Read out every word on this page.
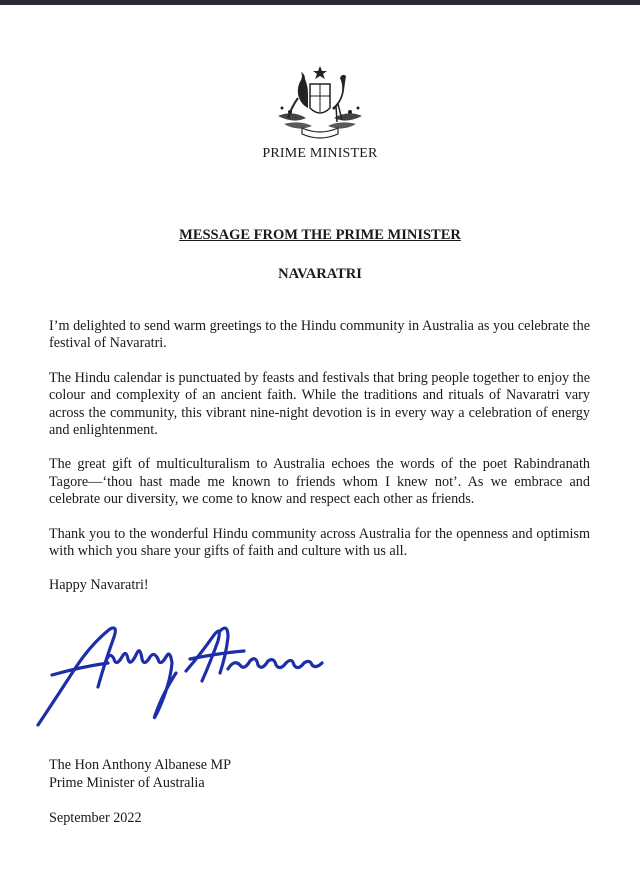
PRIME MINISTER
MESSAGE FROM THE PRIME MINISTER
NAVARATRI

I’m delighted to send warm greetings to the Hindu community in Australia as you celebrate the festival of Navaratri.

The Hindu calendar is punctuated by feasts and festivals that bring people together to enjoy the colour and complexity of an ancient faith. While the traditions and rituals of Navaratri vary across the community, this vibrant nine-night devotion is in every way a celebration of energy and enlightenment.

The great gift of multiculturalism to Australia echoes the words of the poet Rabindranath Tagore—‘thou hast made me known to friends whom I knew not’. As we embrace and celebrate our diversity, we come to know and respect each other as friends.

Thank you to the wonderful Hindu community across Australia for the openness and optimism with which you share your gifts of faith and culture with us all.

Happy Navaratri!

The Hon Anthony Albanese MP
Prime Minister of Australia
September 2022
